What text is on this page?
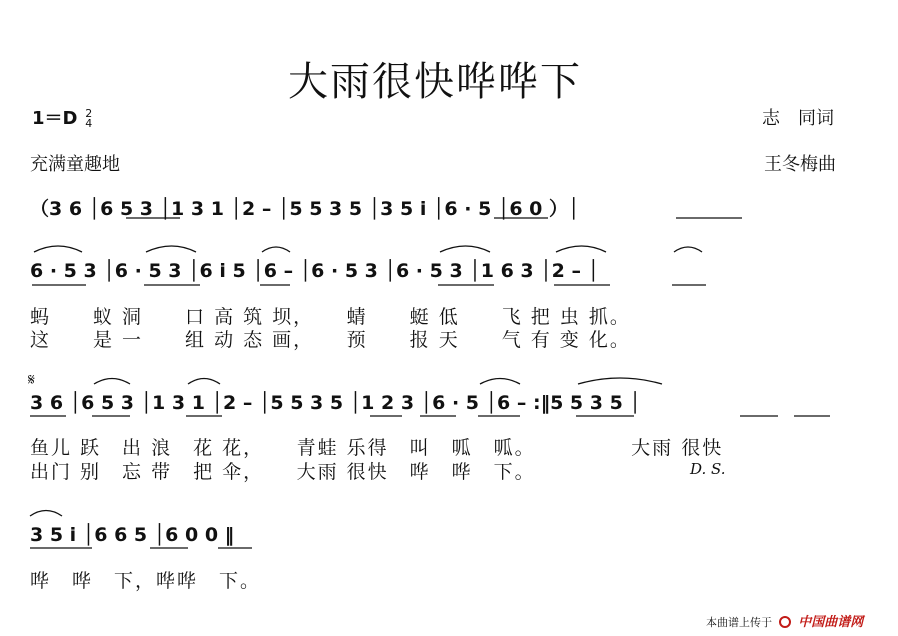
大雨很快哗哗下
1＝D 2
4	志　同词
充满童趣地	王冬梅曲
（3 6 │6 5 3 │1 3 1 │2 – │5 5 3 5 │3 5 i │6 · 5 │6 0 ）│
6 · 5 3 │6 · 5 3 │6 i 5 │6 – │6 · 5 3 │6 · 5 3 │1 6 3 │2 – │
蚂　　蚁 洞　　口 高 筑 坝，　　蜻　　蜓 低　　飞 把 虫 抓。
这　　是 一　　组 动 态 画，　　预　　报 天　　气 有 变 化。
𝄋
3 6 │6 5 3 │1 3 1 │2 – │5 5 3 5 │1 2 3 │6 · 5 │6 – :‖5 5 3 5 │
鱼儿 跃　出 浪　花 花，　　青蛙 乐得　叫　呱　呱。　　　　　大雨 很快
出门 别　忘 带　把 伞，　　大雨 很快　哗　哗　下。	D. S.
3 5 i │6 6 5 │6 0 0 ‖
哗　哗　下，哗哗　下。
本曲谱上传于 中国曲谱网
